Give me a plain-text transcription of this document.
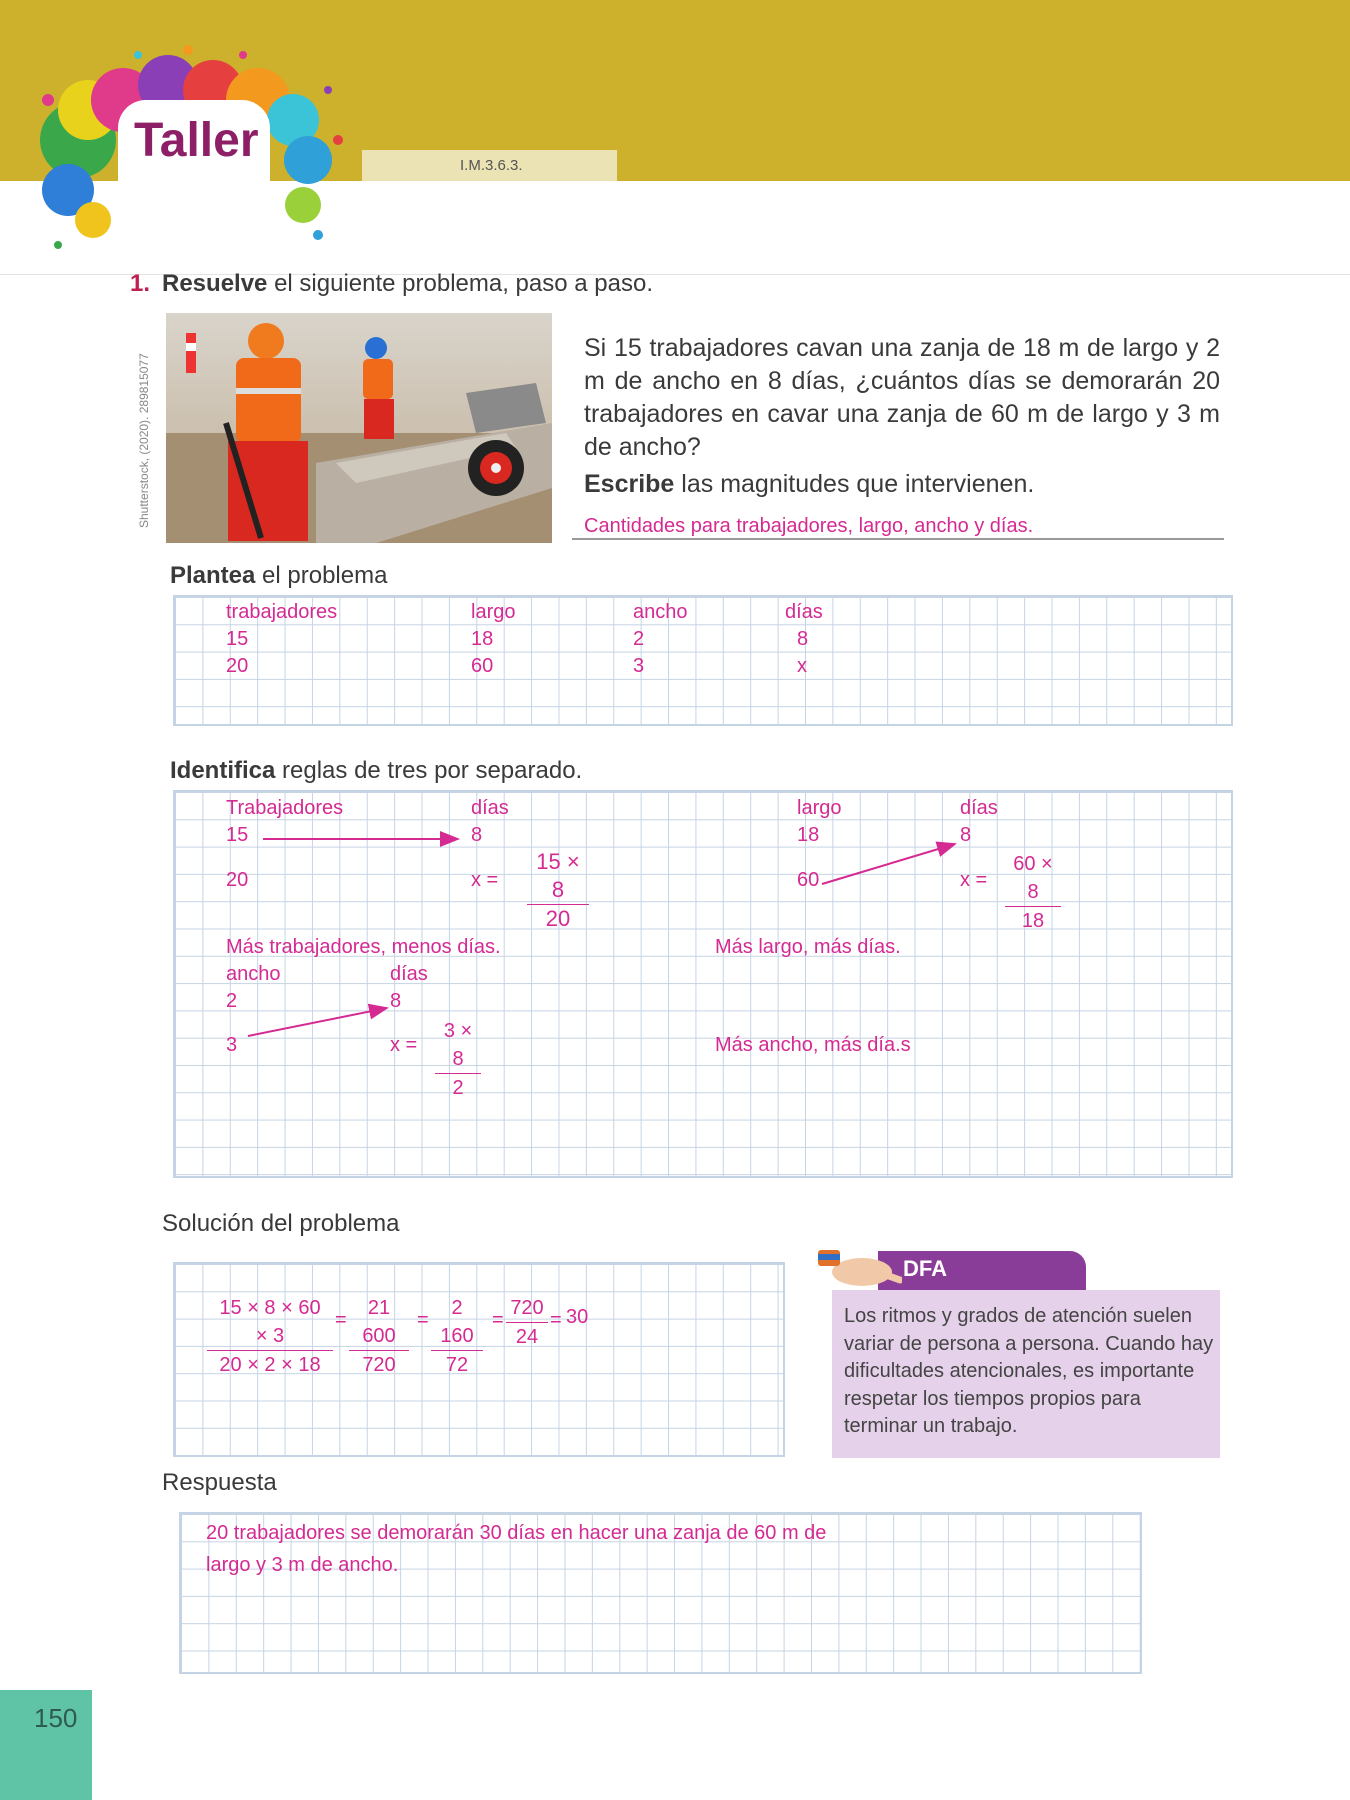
I.M.3.6.3.
Taller
1. Resuelve el siguiente problema, paso a paso.
Shutterstock, (2020). 289815077
Si 15 trabajadores cavan una zanja de 18 m de largo y 2 m de ancho en 8 días, ¿cuántos días se demorarán 20 trabajadores en cavar una zanja de 60 m de largo y 3 m de ancho?
Escribe las magnitudes que intervienen.
Cantidades para trabajadores, largo, ancho y días.
Plantea el problema
trabajadores	largo	ancho	días
15	18	2	8
20	60	3	x
Identifica reglas de tres por separado.
Trabajadores	días
15	8
20	$x = \frac{15 \times 8}{20}$
Más trabajadores, menos días.
largo	días
18	8
60	$x = \frac{60 \times 8}{18}$
Más largo, más días.
ancho	días
2	8
3	$x = \frac{3 \times 8}{2}$	Más ancho, más día.s
Solución del problema
$\frac{15 \times 8 \times 60 \times 3}{20 \times 2 \times 18} = \frac{21 600}{720} = \frac{2 160}{72} = \frac{720}{24} = 30$
DFA
Los ritmos y grados de atención suelen variar de persona a persona. Cuando hay dificultades atencionales, es importante respetar los tiempos propios para terminar un trabajo.
Respuesta
20 trabajadores se demorarán 30 días en hacer una zanja de 60 m de
largo y 3 m de ancho.
150
